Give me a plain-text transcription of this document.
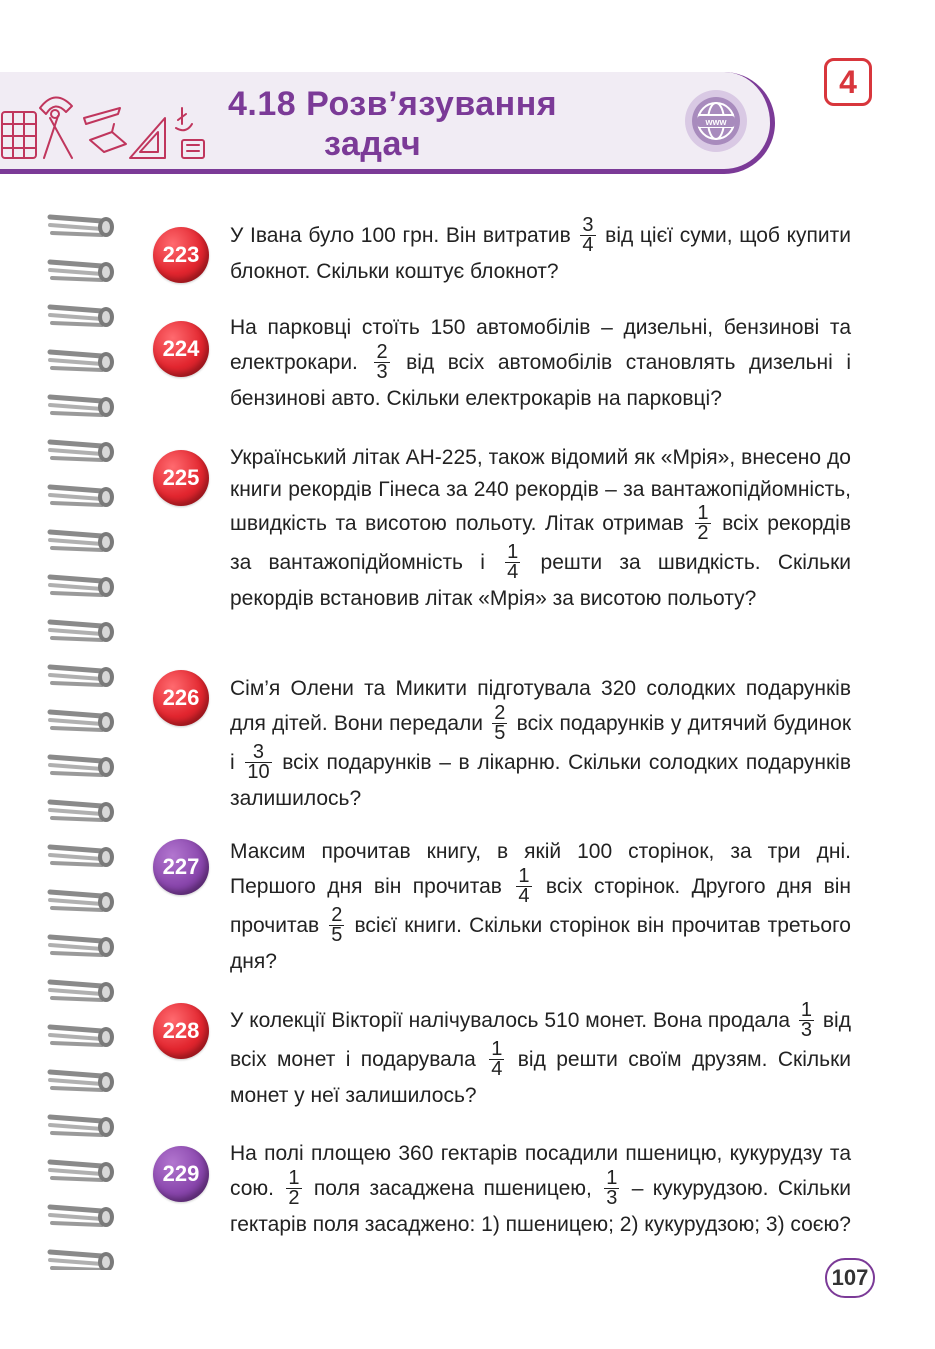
4.18 Розв’язування
задач
www
4
223
У Івана було 100 грн. Він витратив $\frac{3}{4}$ від цієї суми, щоб купити блокнот. Скільки коштує блокнот?
224
На парковці стоїть 150 автомобілів – дизельні, бензинові та електрокари. $\frac{2}{3}$ від всіх автомобілів становлять дизельні і бензинові авто. Скільки електрокарів на парковці?
225
Український літак АН-225, також відомий як «Мрія», внесено до книги рекордів Гінеса за 240 рекордів – за вантажопідйомність, швидкість та висотою польоту. Літак отримав $\frac{1}{2}$ всіх рекордів за вантажопідйомність і $\frac{1}{4}$ решти за швидкість. Скільки рекордів встановив літак «Мрія» за висотою польоту?
226	Сім’я Олени та Микити підготувала 320 солодких подарунків для дітей. Вони передали $\frac{2}{5}$ всіх подарунків у дитячий будинок і $\frac{3}{10}$ всіх подарунків – в лікарню. Скільки солодких подарунків залишилось?
227
Максим прочитав книгу, в якій 100 сторінок, за три дні. Першого дня він прочитав $\frac{1}{4}$ всіх сторінок. Другого дня він прочитав $\frac{2}{5}$ всієї книги. Скільки сторінок він прочитав третього дня?
228	У колекції Вікторії налічувалось 510 монет. Вона продала $\frac{1}{3}$ від всіх монет і подарувала $\frac{1}{4}$ від решти своїм друзям. Скільки монет у неї залишилось?
229
На полі площею 360 гектарів посадили пшеницю, кукурудзу та сою. $\frac{1}{2}$ поля засаджена пшеницею, $\frac{1}{3}$ – кукурудзою. Скільки гектарів поля засаджено: 1) пшеницею; 2) кукурудзою; 3) соєю?
107
